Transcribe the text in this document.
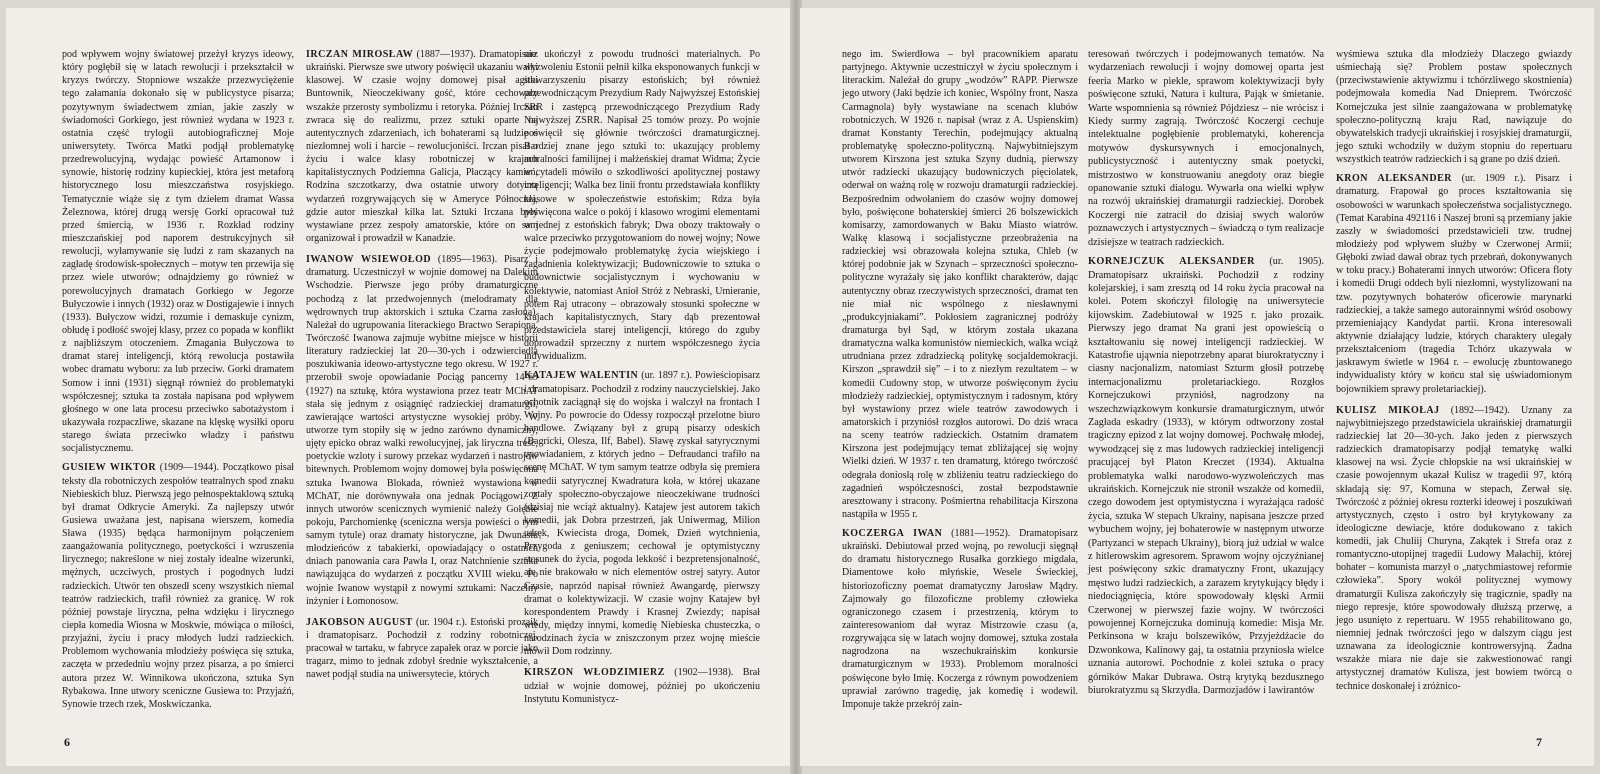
pod wpływem wojny światowej przeżył kryzys ideowy, który pogłębił się w latach rewolucji i przekształcił w kryzys twórczy. Stopniowe wszakże przezwyciężenie tego załamania dokonało się w publicystyce pisarza; pozytywnym świadectwem zmian, jakie zaszły w świadomości Gorkiego, jest również wydana w 1923 r. ostatnia część trylogii autobiograficznej Moje uniwersytety. Twórca Matki podjął problematykę przedrewolucyjną, wydając powieść Artamonow i synowie, historię rodziny kupieckiej, która jest metaforą historycznego losu mieszczaństwa rosyjskiego. Tematycznie wiąże się z tym dziełem dramat Wassa Żeleznowa, której drugą wersję Gorki opracował tuż przed śmiercią, w 1936 r. Rozkład rodziny mieszczańskiej pod naporem destrukcyjnych sił rewolucji, wyłamywanie się ludzi z ram skazanych na zagładę środowisk-społecznych – motyw ten przewija się przez wiele utworów; odnajdziemy go również w porewolucyjnych dramatach Gorkiego w Jegorze Bułyczowie i innych (1932) oraz w Dostigajewie i innych (1933). Bułyczow widzi, rozumie i demaskuje cynizm, obłudę i podłość swojej klasy, przez co popada w konflikt z najbliższym otoczeniem. Zmagania Bułyczowa to dramat starej inteligencji, którą rewolucja postawiła wobec dramatu wyboru: za lub przeciw. Gorki dramatem Somow i inni (1931) sięgnął również do problematyki współczesnej; sztuka ta została napisana pod wpływem głośnego w one lata procesu przeciwko sabotażystom i ukazywała rozpaczliwe, skazane na klęskę wysiłki oporu starego świata przeciwko władzy i państwu socjalistycznemu.

GUSIEW WIKTOR (1909—1944). Początkowo pisał teksty dla robotniczych zespołów teatralnych spod znaku Niebieskich bluz. Pierwszą jego pełnospektaklową sztuką był dramat Odkrycie Ameryki. Za najlepszy utwór Gusiewa uważana jest, napisana wierszem, komedia Sława (1935) będąca harmonijnym połączeniem zaangażowania politycznego, poetyckości i wzruszenia lirycznego; nakreślone w niej zostały idealne wizerunki, mężnych, uczciwych, prostych i pogodnych ludzi radzieckich. Utwór ten obszedł sceny wszystkich niemal teatrów radzieckich, trafił również za granicę. W rok później powstaje liryczna, pełna wdzięku i lirycznego ciepła komedia Wiosna w Moskwie, mówiąca o miłości, przyjaźni, życiu i pracy młodych ludzi radzieckich. Problemom wychowania młodzieży poświęca się sztuka, zaczęta w przededniu wojny przez pisarza, a po śmierci autora przez W. Winnikowa ukończona, sztuka Syn Rybakowa. Inne utwory sceniczne Gusiewa to: Przyjaźń, Synowie trzech rzek, Moskwiczanka.

IRCZAN MIROSŁAW (1887—1937). Dramatopisarz ukraiński. Pierwsze swe utwory poświęcił ukazaniu walki klasowej. W czasie wojny domowej pisał agitki Buntownik, Nieoczekiwany gość, które cechowały wszakże przerosty symbolizmu i retoryka. Później Irczan zwraca się do realizmu, przez sztuki oparte na autentycznych zdarzeniach, ich bohaterami są ludzie o niezłomnej woli i harcie – rewolucjoniści. Irczan pisał o życiu i walce klasy robotniczej w krajach kapitalistycznych Podziemna Galicja, Płaczący kamień, Rodzina szczotkarzy, dwa ostatnie utwory dotyczą wydarzeń rozgrywających się w Ameryce Północnej, gdzie autor mieszkał kilka lat. Sztuki Irczana były wystawiane przez zespoły amatorskie, które on sam organizował i prowadził w Kanadzie.

IWANOW WSIEWOŁOD (1895—1963). Pisarz i dramaturg. Uczestniczył w wojnie domowej na Dalekim Wschodzie. Pierwsze jego próby dramaturgiczne pochodzą z lat przedwojennych (melodramaty dla wędrownych trup aktorskich i sztuka Czarna zasłona). Należał do ugrupowania literackiego Bractwo Serapiona. Twórczość Iwanowa zajmuje wybitne miejsce w historii literatury radzieckiej lat 20—30-ych i odzwierciedla poszukiwania ideowo-artystyczne tego okresu. W 1927 r. przerobił swoje opowiadanie Pociąg pancerny 14-69 (1927) na sztukę, która wystawiona przez teatr MChAT stała się jednym z osiągnięć radzieckiej dramaturgii, zawierające wartości artystyczne wysokiej próby. W utworze tym stopiły się w jedno zarówno dynamiczny, ujęty epicko obraz walki rewolucyjnej, jak liryczna treść, poetyckie wzloty i surowy przekaz wydarzeń i nastrojów bitewnych. Problemom wojny domowej była poświęcona sztuka Iwanowa Blokada, również wystawiona w MChAT, nie dorównywała ona jednak Pociągowi. Z innych utworów scenicznych wymienić należy Gołębie pokoju, Parchomienkę (sceniczna wersja powieści o tym samym tytule) oraz dramaty historyczne, jak Dwunastu młodzieńców z tabakierki, opowiadający o ostatnich dniach panowania cara Pawła I, oraz Natchnienie sztuka nawiązująca do wydarzeń z początku XVIII wieku. Po wojnie Iwanow wystąpił z nowymi sztukami: Naczelny inżynier i Łomonosow.

JAKOBSON AUGUST (ur. 1904 r.). Estoński prozaik i dramatopisarz. Pochodził z rodziny robotniczej, pracował w tartaku, w fabryce zapałek oraz w porcie jako tragarz, mimo to jednak zdobył średnie wykształcenie, a nawet podjął studia na uniwersytecie, których

nie ukończył z powodu trudności materialnych. Po wyzwoleniu Estonii pełnił kilka eksponowanych funkcji w stowarzyszeniu pisarzy estońskich; był również przewodniczącym Prezydium Rady Najwyższej Estońskiej SRR i zastępcą przewodniczącego Prezydium Rady Najwyższej ZSRR. Napisał 25 tomów prozy. Po wojnie poświęcił się głównie twórczości dramaturgicznej. Bardziej znane jego sztuki to: ukazujący problemy moralności familijnej i małżeńskiej dramat Widma; Życie w cytadeli mówiło o szkodliwości apolitycznej postawy inteligencji; Walka bez linii frontu przedstawiała konflikty klasowe w społeczeństwie estońskim; Rdza była poświęcona walce o pokój i klasowo wrogimi elementami w jednej z estońskich fabryk; Dwa obozy traktowały o walce przeciwko przygotowaniom do nowej wojny; Nowe życie podejmowało problematykę życia wiejskiego i zagadnienia kolektywizacji; Budowniczowie to sztuka o budownictwie socjalistycznym i wychowaniu w kolektywie, natomiast Anioł Stróż z Nebraski, Umieranie, potem Raj utracony – obrazowały stosunki społeczne w krajach kapitalistycznych, Stary dąb prezentował przedstawiciela starej inteligencji, którego do zguby doprowadził sprzeczny z nurtem współczesnego życia indywidualizm.

KATAJEW WALENTIN (ur. 1897 r.). Powieściopisarz i dramatopisarz. Pochodził z rodziny nauczycielskiej. Jako ochotnik zaciągnął się do wojska i walczył na frontach I Wojny. Po powrocie do Odessy rozpoczął przelotne biuro handlowe. Związany był z grupą pisarzy odeskich (Bagricki, Olesza, Ilf, Babel). Sławę zyskał satyrycznymi opowiadaniem, z których jedno – Defraudanci trafiło na scenę MChAT. W tym samym teatrze odbyła się premiera komedii satyrycznej Kwadratura koła, w której ukazane zostały społeczno-obyczajowe nieoczekiwane trudności (dzisiaj nie wciąż aktualny). Katajew jest autorem takich komedii, jak Dobra przestrzeń, jak Uniwermag, Milion udręk, Kwiecista droga, Domek, Dzień wytchnienia, Przygoda z geniuszem; cechował je optymistyczny stosunek do życia, pogoda lekkość i bezpretensjonalność, ale nie brakowało w nich elementów ostrej satyry. Autor Czasie, naprzód napisał również Awangardę, pierwszy dramat o kolektywizacji. W czasie wojny Katajew był korespondentem Prawdy i Krasnej Zwiezdy; napisał wtedy, między innymi, komedię Niebieska chusteczka, o narodzinach życia w zniszczonym przez wojnę mieście mówił Dom rodzinny.

KIRSZON WŁODZIMIERZ (1902—1938). Brał udział w wojnie domowej, później po ukończeniu Instytutu Komunistycz-

6

nego im. Swierdłowa – był pracownikiem aparatu partyjnego. Aktywnie uczestniczył w życiu społecznym i literackim. Należał do grupy „wodzów” RAPP. Pierwsze jego utwory (Jaki będzie ich koniec, Wspólny front, Nasza Carmagnola) były wystawiane na scenach klubów robotniczych. W 1926 r. napisał (wraz z A. Uspienskim) dramat Konstanty Terechin, podejmujący aktualną problematykę społeczno-polityczną. Najwybitniejszym utworem Kirszona jest sztuka Szyny dudnią, pierwszy utwór radziecki ukazujący budowniczych pięciolatek, oderwał on ważną rolę w rozwoju dramaturgii radzieckiej. Bezpośrednim odwołaniem do czasów wojny domowej było, poświęcone bohaterskiej śmierci 26 bolszewickich komisarzy, zamordowanych w Baku Miasto wiatrów. Walkę klasową i socjalistyczne przeobrażenia na radzieckiej wsi obrazowała kolejna sztuka, Chleb (w której podobnie jak w Szynach – sprzeczności społeczno-polityczne wyrażały się jako konflikt charakterów, dając autentyczny obraz rzeczywistych sprzeczności, dramat ten nie miał nic wspólnego z niesławnymi „produkcyjniakami”. Pokłosiem zagranicznej podróży dramaturga był Sąd, w którym została ukazana dramatyczna walka komunistów niemieckich, walka wciąż utrudniana przez zdradziecką politykę socjaldemokracji. Kirszon „sprawdził się” – i to z niezłym rezultatem – w komedii Cudowny stop, w utworze poświęconym życiu młodzieży radzieckiej, optymistycznym i radosnym, który był wystawiony przez wiele teatrów zawodowych i amatorskich i przyniósł rozgłos autorowi. Do dziś wraca na sceny teatrów radzieckich. Ostatnim dramatem Kirszona jest podejmujący temat zbliżającej się wojny Wielki dzień. W 1937 r. ten dramaturg, którego twórczość odegrała doniosłą rolę w zbliżeniu teatru radzieckiego do zagadnień współczesności, został bezpodstawnie aresztowany i stracony. Pośmiertna rehabilitacja Kirszona nastąpiła w 1955 r.

KOCZERGA IWAN (1881—1952). Dramatopisarz ukraiński. Debiutował przed wojną, po rewolucji sięgnął do dramatu historycznego Rusałka gorzkiego migdała, Diamentowe koło młyńskie, Wesele Świeckiej, historiozoficzny poemat dramatyczny Jarosław Mądry. Zajmowały go filozoficzne problemy człowieka ograniczonego czasem i przestrzenią, którym to zainteresowaniom dał wyraz Mistrzowie czasu (a, rozgrywająca się w latach wojny domowej, sztuka została nagrodzona na wszechukraińskim konkursie dramaturgicznym w 1933). Problemom moralności poświęcone było Imię. Koczerga z równym powodzeniem uprawiał zarówno tragedię, jak komedię i wodewil. Imponuje także przekrój zain-

teresowań twórczych i podejmowanych tematów. Na wydarzeniach rewolucji i wojny domowej oparta jest feeria Marko w piekle, sprawom kolektywizacji były poświęcone sztuki, Natura i kultura, Pająk w śmietanie. Warte wspomnienia są również Pójdziesz – nie wrócisz i Kiedy surmy zagrają. Twórczość Koczergi cechuje intelektualne pogłębienie problematyki, koherencja motywów dyskursywnych i emocjonalnych, publicystyczność i autentyczny smak poetycki, mistrzostwo w konstruowaniu anegdoty oraz biegłe opanowanie sztuki dialogu. Wywarła ona wielki wpływ na rozwój ukraińskiej dramaturgii radzieckiej. Dorobek Koczergi nie zatracił do dzisiaj swych walorów poznawczych i artystycznych – świadczą o tym realizacje dzisiejsze w teatrach radzieckich.

KORNEJCZUK ALEKSANDER (ur. 1905). Dramatopisarz ukraiński. Pochodził z rodziny kolejarskiej, i sam zresztą od 14 roku życia pracował na kolei. Potem skończył filologię na uniwersytecie kijowskim. Zadebiutował w 1925 r. jako prozaik. Pierwszy jego dramat Na grani jest opowieścią o kształtowaniu się nowej inteligencji radzieckiej. W Katastrofie ująwnia niepotrzebny aparat biurokratyczny i ciasny nacjonalizm, natomiast Szturm głosił potrzebę internacjonalizmu proletariackiego. Rozgłos Kornejczukowi przyniósł, nagrodzony na wszechzwiązkowym konkursie dramaturgicznym, utwór Zagłada eskadry (1933), w którym odtworzony został tragiczny epizod z lat wojny domowej. Pochwałę młodej, wywodzącej się z mas ludowych radzieckiej inteligencji pracującej był Platon Kreczet (1934). Aktualna problematyka walki narodowo-wyzwoleńczych mas ukraińskich. Kornejczuk nie stronił wszakże od komedii, czego dowodem jest optymistyczna i wyrażająca radość życia, sztuka W stepach Ukrainy, napisana jeszcze przed wybuchem wojny, jej bohaterowie w następnym utworze (Partyzanci w stepach Ukrainy), biorą już udział w walce z hitlerowskim agresorem. Sprawom wojny ojczyźnianej jest poświęcony szkic dramatyczny Front, ukazujący męstwo ludzi radzieckich, a zarazem krytykujący błędy i niedociągnięcia, które spowodowały klęski Armii Czerwonej w pierwszej fazie wojny. W twórczości powojennej Kornejczuka dominują komedie: Misja Mr. Perkinsona w kraju bolszewików, Przyjeżdżacie do Dzwonkowa, Kalinowy gaj, ta ostatnia przyniosła wielce uznania autorowi. Pochodnie z kolei sztuka o pracy górników Makar Dubrawa. Ostrą krytyką bezdusznego biurokratyzmu są Skrzydła. Darmozjadów i lawirantów

wyśmiewa sztuka dla młodzieży Dlaczego gwiazdy uśmiechają się? Problem postaw społecznych (przeciwstawienie aktywizmu i tchórzliwego skostnienia) podejmowała komedia Nad Dnieprem. Twórczość Kornejczuka jest silnie zaangażowana w problematykę społeczno-polityczną kraju Rad, nawiązuje do obywatelskich tradycji ukraińskiej i rosyjskiej dramaturgii, jego sztuki wchodziły w dużym stopniu do repertuaru wszystkich teatrów radzieckich i są grane po dziś dzień.

KRON ALEKSANDER (ur. 1909 r.). Pisarz i dramaturg. Frapował go proces kształtowania się osobowości w warunkach społeczeństwa socjalistycznego. (Temat Karabina 492116 i Naszej broni są przemiany jakie zaszły w świadomości przedstawicieli tzw. trudnej młodzieży pod wpływem służby w Czerwonej Armii; Głęboki zwiad dawał obraz tych przebrań, dokonywanych w toku pracy.) Bohaterami innych utworów: Oficera floty i komedii Drugi oddech byli niezłomni, wystylizowani na tzw. pozytywnych bohaterów oficerowie marynarki radzieckiej, a także samego autorainnymi wśród osobowy przemieniający Kandydat partii. Krona interesowali aktywnie działający ludzie, których charaktery ulegały przekształceniom (tragedia Tchórz ukazywała w jaskrawym świetle w 1964 r. – ewolucję zbuntowanego indywidualisty który w końcu stał się uświadomionym bojownikiem sprawy proletariackiej).

KULISZ MIKOŁAJ (1892—1942). Uznany za najwybitniejszego przedstawiciela ukraińskiej dramaturgii radzieckiej lat 20—30-ych. Jako jeden z pierwszych radzieckich dramatopisarzy podjął tematykę walki klasowej na wsi. Życie chłopskie na wsi ukraińskiej w czasie powojennym ukazał Kulisz w tragedii 97, którą składają się: 97, Komuna w stepach, Zerwał się. Twórczość z później okresu rozterki ideowej i poszukiwań artystycznych, często i ostro był krytykowany za ideologiczne dewiacje, które dodukowano z takich komedii, jak Chuliij Churyna, Zakątek i Strefa oraz z romantyczno-utopijnej tragedii Ludowy Małachij, której bohater – komunista marzył o „natychmiastowej reformie człowieka”. Spory wokół politycznej wymowy dramaturgii Kulisza zakończyły się tragicznie, spadły na niego represje, które spowodowały dłuższą przerwę, a jego usunięto z repertuaru. W 1955 rehabilitowano go, niemniej jednak twórczości jego w dalszym ciągu jest uznawana za ideologicznie kontrowersyjną. Żadna wszakże miara nie daje sie zakwestionować rangi artystycznej dramatów Kulisza, jest bowiem twórcą o technice doskonałej i zróżnico-

7
